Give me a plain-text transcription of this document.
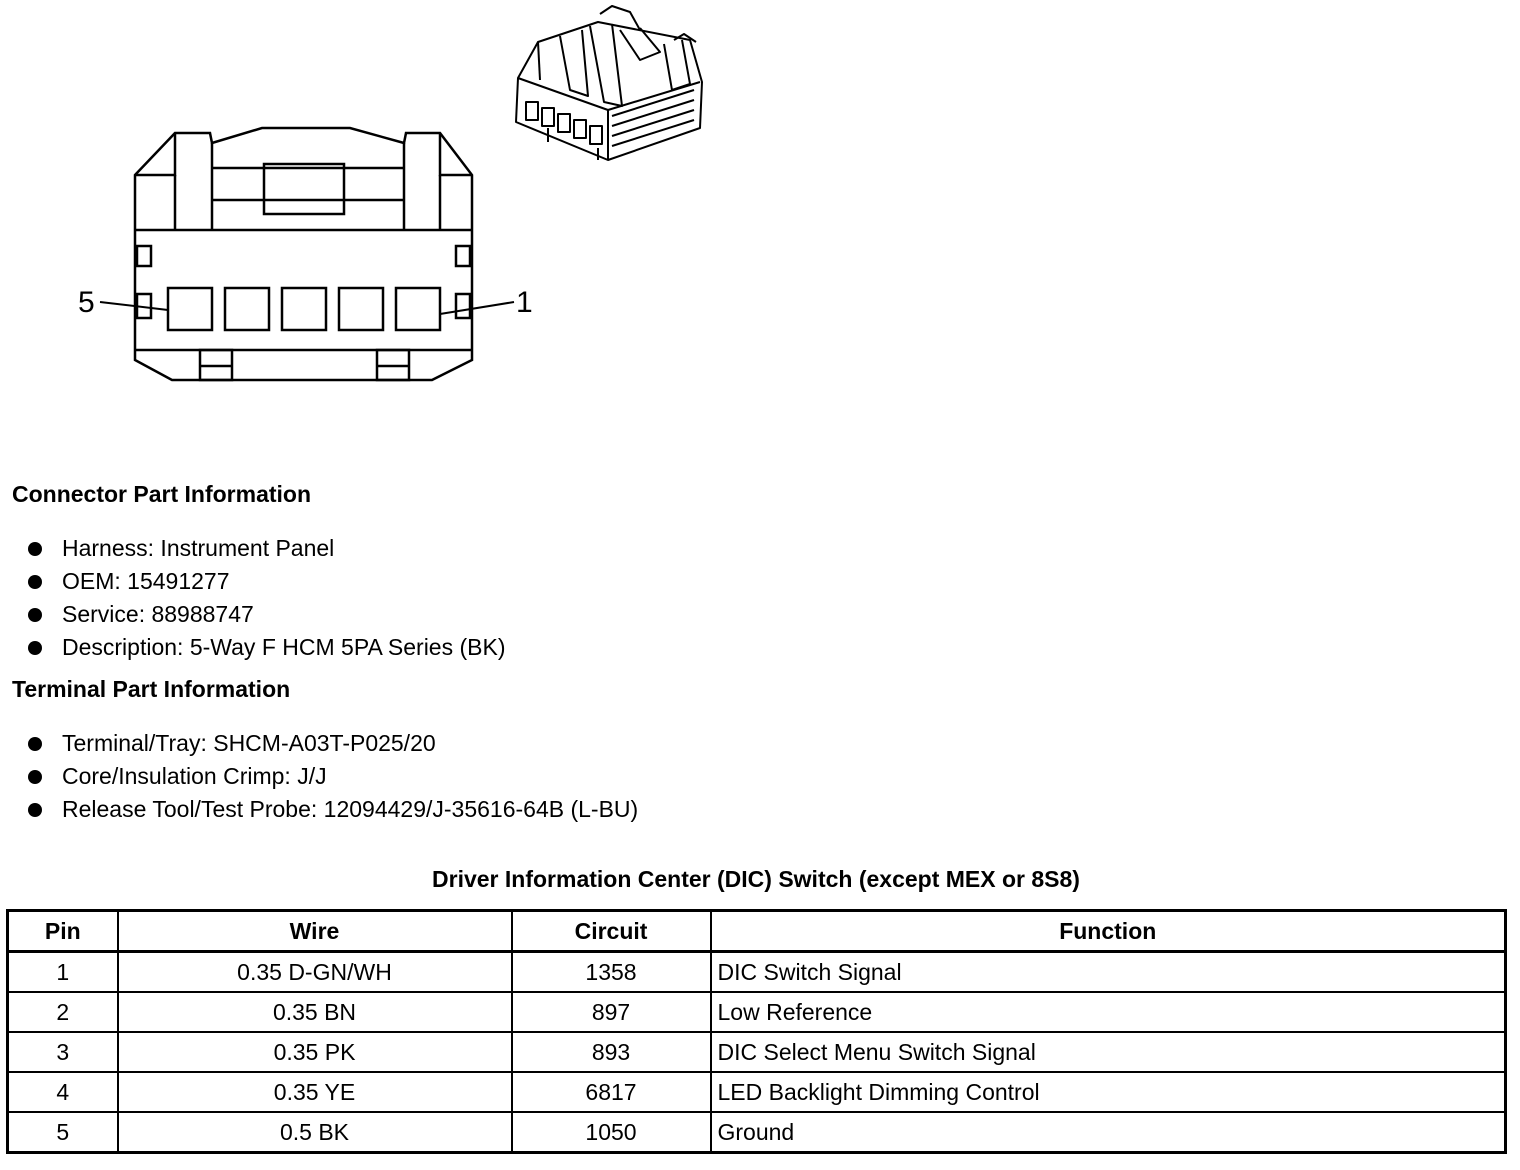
5	1
Connector Part Information
Harness: Instrument Panel
OEM: 15491277
Service: 88988747
Description: 5-Way F HCM 5PA Series (BK)
Terminal Part Information
Terminal/Tray: SHCM-A03T-P025/20
Core/Insulation Crimp: J/J
Release Tool/Test Probe: 12094429/J-35616-64B (L-BU)
Driver Information Center (DIC) Switch (except MEX or 8S8)
Pin	Wire	Circuit	Function
1	0.35 D-GN/WH	1358	DIC Switch Signal
2	0.35 BN	897	Low Reference
3	0.35 PK	893	DIC Select Menu Switch Signal
4	0.35 YE	6817	LED Backlight Dimming Control
5	0.5 BK	1050	Ground
